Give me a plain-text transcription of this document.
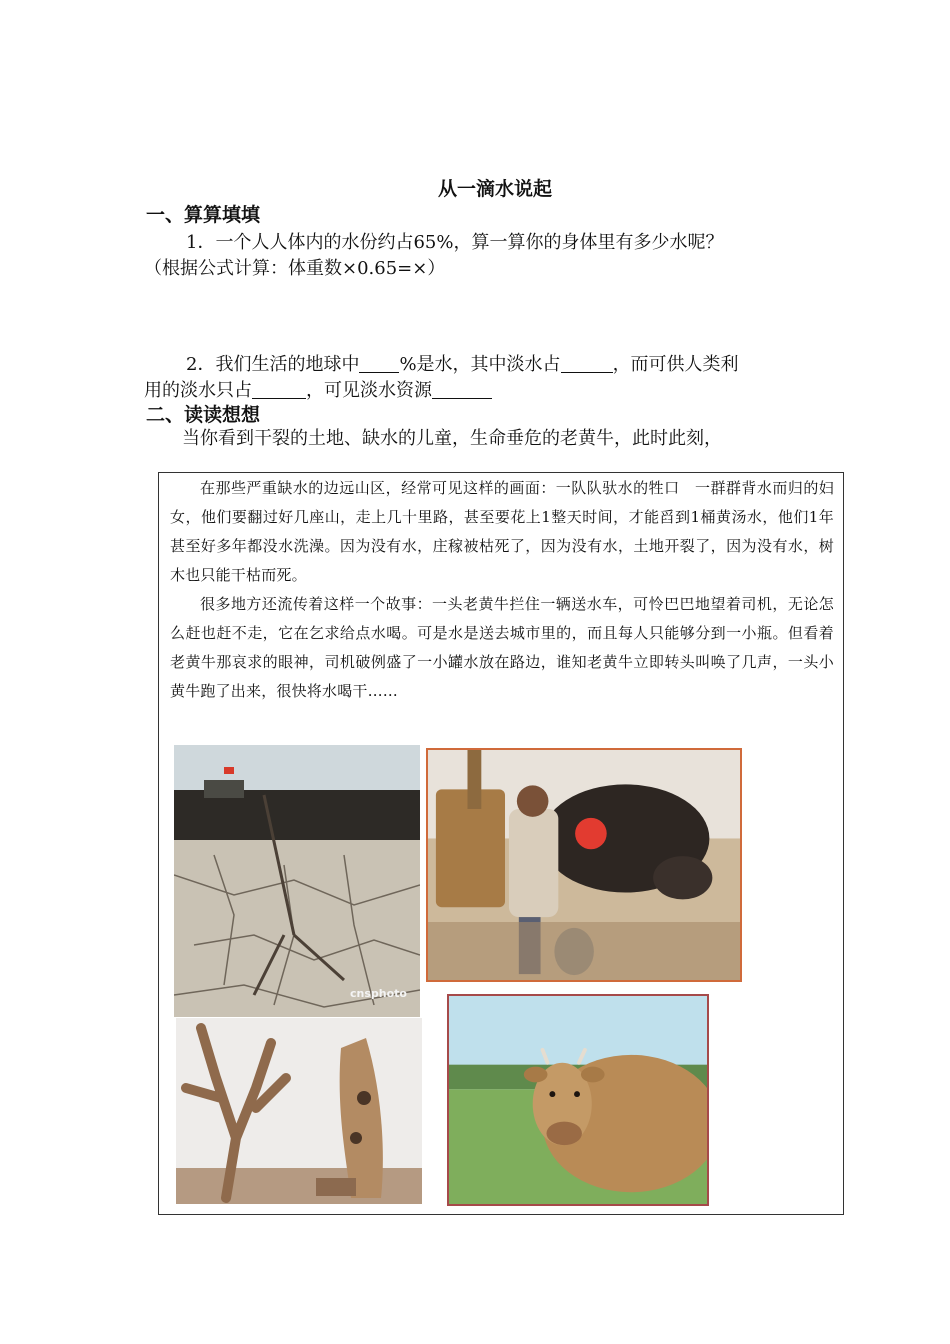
从一滴水说起
一、算算填填
1．一个人人体内的水份约占65%，算一算你的身体里有多少水呢？
（根据公式计算：体重数×0.65=×）
2．我们生活的地球中 %是水，其中淡水占	，而可供人类利
用的淡水只占	，可见淡水资源
二、读读想想
当你看到干裂的土地、缺水的儿童，生命垂危的老黄牛，此时此刻，

在那些严重缺水的边远山区，经常可见这样的画面：一队队驮水的牲口　一群群背水而归的妇女，他们要翻过好几座山，走上几十里路，甚至要花上1整天时间，才能舀到1桶黄汤水，他们1年甚至好多年都没水洗澡。因为没有水，庄稼被枯死了，因为没有水，土地开裂了，因为没有水，树木也只能干枯而死。

很多地方还流传着这样一个故事：一头老黄牛拦住一辆送水车，可怜巴巴地望着司机，无论怎么赶也赶不走，它在乞求给点水喝。可是水是送去城市里的，而且每人只能够分到一小瓶。但看着老黄牛那哀求的眼神，司机破例盛了一小罐水放在路边，谁知老黄牛立即转头叫唤了几声，一头小黄牛跑了出来，很快将水喝干……

cnsphoto
